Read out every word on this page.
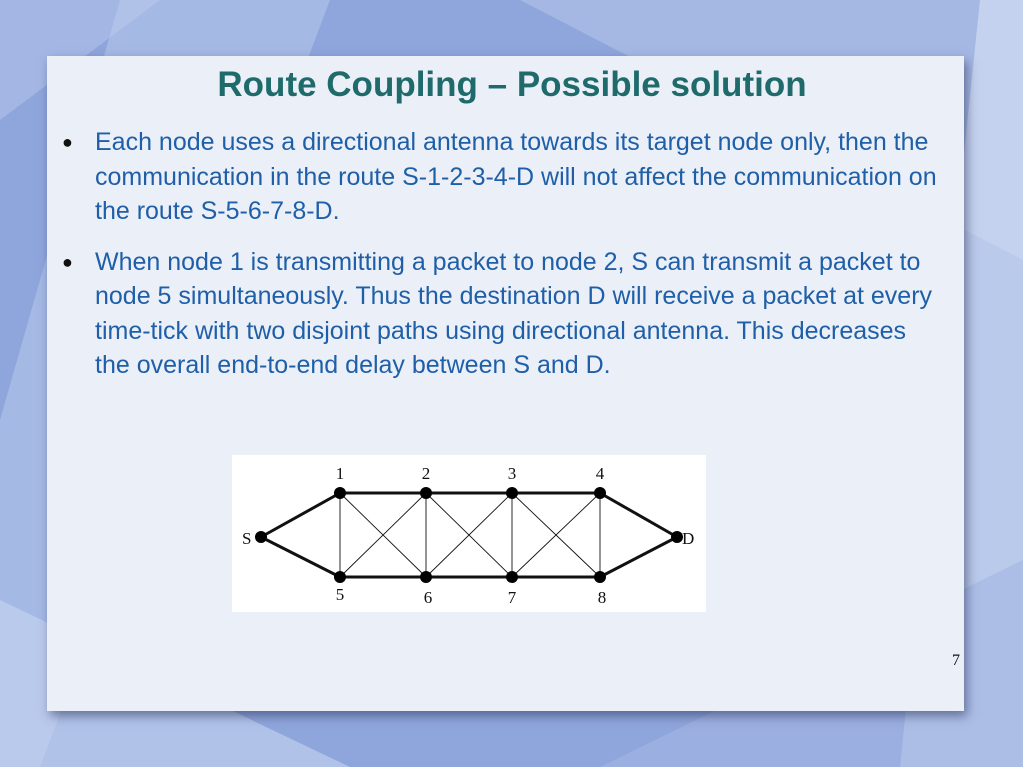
Route Coupling – Possible solution
● Each node uses a directional antenna towards its target node only, then the communication in the route S-1-2-3-4-D will not affect the communication on the route S-5-6-7-8-D.
● When node 1 is transmitting a packet to node 2, S can transmit a packet to node 5 simultaneously. Thus the destination D will receive a packet at every time-tick with two disjoint paths using directional antenna. This decreases the overall end-to-end delay between S and D.
S
1	2	3	4
5	6	7	8
D
7
